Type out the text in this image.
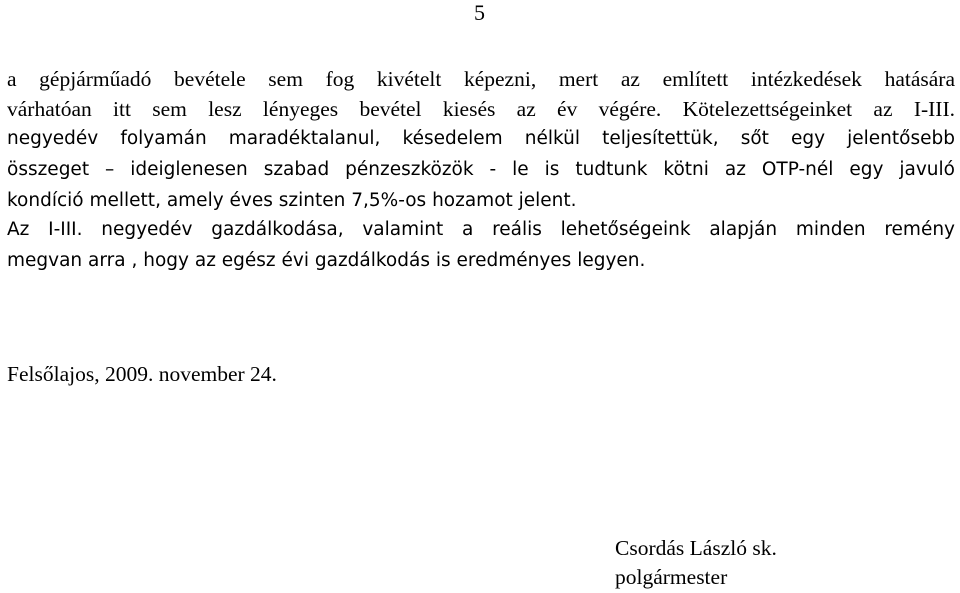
5
a gépjárműadó bevétele sem fog kivételt képezni, mert az említett intézkedések hatására
várhatóan itt sem lesz lényeges bevétel kiesés az év végére. Kötelezettségeinket az I-III.
negyedév folyamán maradéktalanul, késedelem nélkül teljesítettük, sőt egy jelentősebb
összeget – ideiglenesen szabad pénzeszközök - le is tudtunk kötni az OTP-nél egy javuló
kondíció mellett, amely éves szinten 7,5%-os hozamot jelent.
Az I-III. negyedév gazdálkodása, valamint a reális lehetőségeink alapján minden remény
megvan arra , hogy az egész évi gazdálkodás is eredményes legyen.
Felsőlajos, 2009. november 24.
Csordás László sk.
polgármester
